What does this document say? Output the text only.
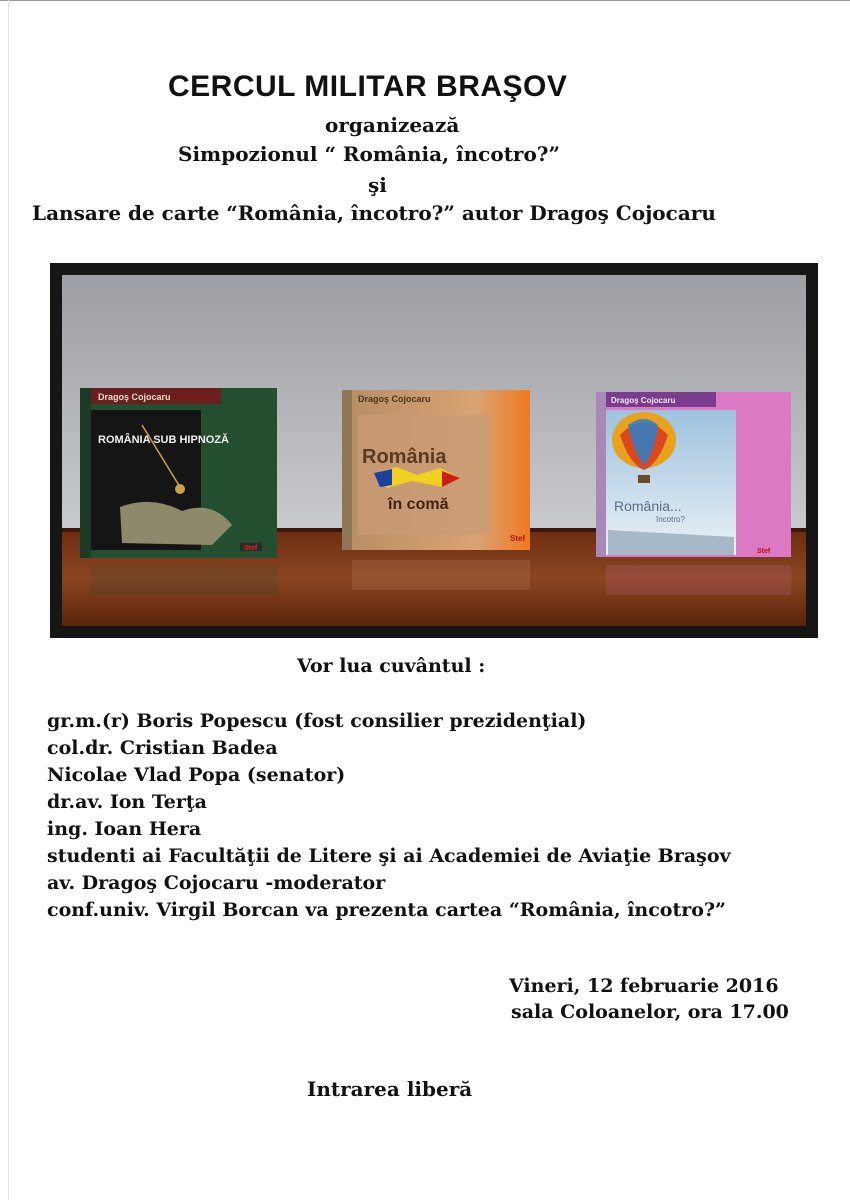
CERCUL MILITAR BRAŞOV
organizează
Simpozionul “ România, încotro?”
şi
Lansare de carte “România, încotro?” autor Dragoş Cojocaru
Dragoş Cojocaru
ROMÂNIA SUB HIPNOZĂ
Stef
Dragoş Cojocaru
România
în comă
Stef
Dragoş Cojocaru
România...
încotro?
Stef
Vor lua cuvântul :
gr.m.(r) Boris Popescu (fost consilier prezidenţial)
col.dr. Cristian Badea
Nicolae Vlad Popa (senator)
dr.av. Ion Terţa
ing. Ioan Hera
studenti ai Facultăţii de Litere şi ai Academiei de Aviaţie Braşov
av. Dragoş Cojocaru -moderator
conf.univ. Virgil Borcan va prezenta cartea “România, încotro?”
Vineri, 12 februarie 2016
sala Coloanelor, ora 17.00
Intrarea liberă
